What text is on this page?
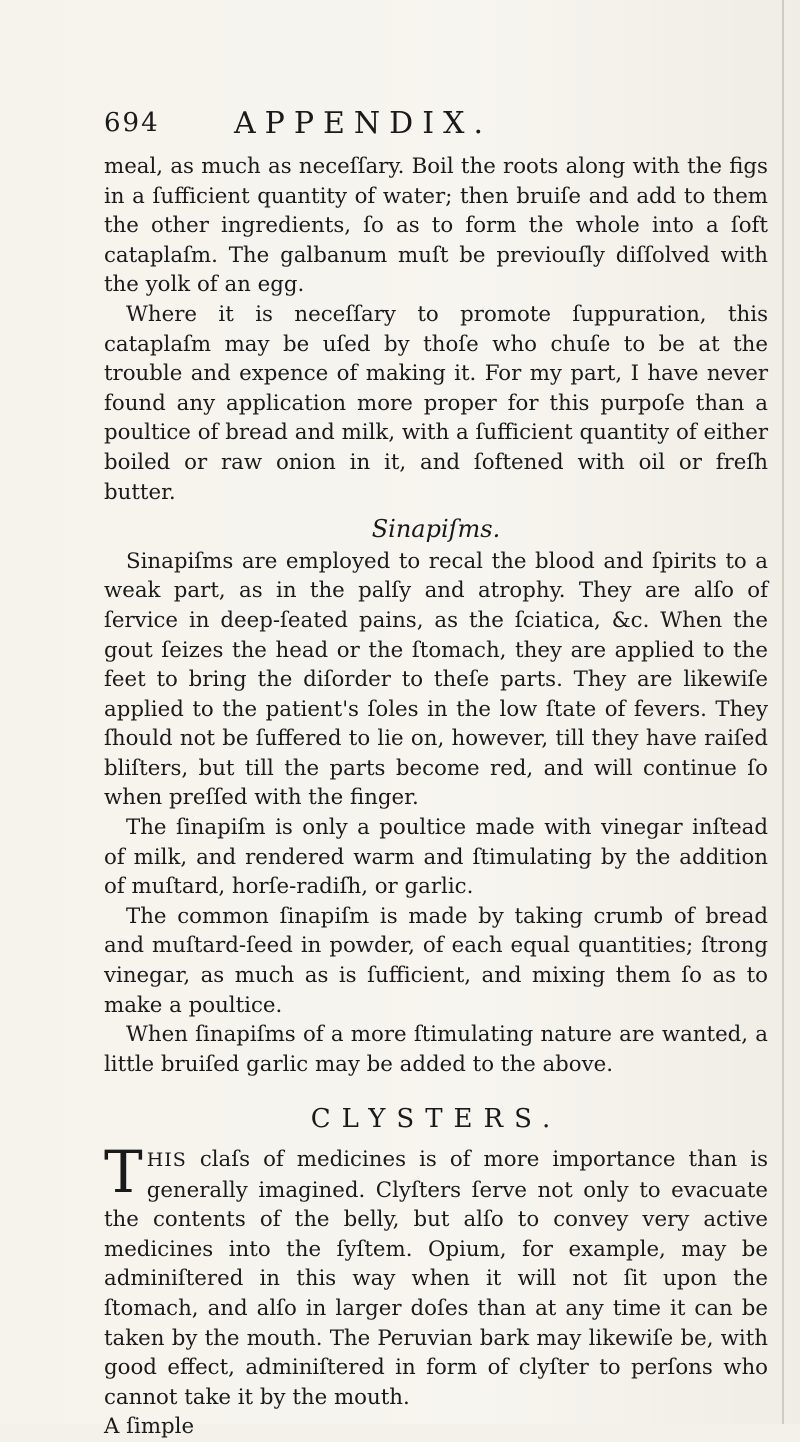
694 APPENDIX.

meal, as much as neceſſary. Boil the roots along with the figs in a ſufficient quantity of water; then bruiſe and add to them the other ingredients, ſo as to form the whole into a ſoft cataplaſm. The galbanum muſt be previouſly diſſolved with the yolk of an egg.

Where it is neceſſary to promote ſuppuration, this cataplaſm may be uſed by thoſe who chuſe to be at the trouble and expence of making it. For my part, I have never found any application more proper for this purpoſe than a poultice of bread and milk, with a ſufficient quantity of either boiled or raw onion in it, and ſoftened with oil or freſh butter.

Sinapiſms.

Sinapiſms are employed to recal the blood and ſpirits to a weak part, as in the palſy and atrophy. They are alſo of ſervice in deep-ſeated pains, as the ſciatica, &c. When the gout ſeizes the head or the ſtomach, they are applied to the feet to bring the diſorder to theſe parts. They are likewiſe applied to the patient's ſoles in the low ſtate of fevers. They ſhould not be ſuffered to lie on, however, till they have raiſed bliſters, but till the parts become red, and will continue ſo when preſſed with the finger.

The ſinapiſm is only a poultice made with vinegar inſtead of milk, and rendered warm and ſtimulating by the addition of muſtard, horſe-radiſh, or garlic.

The common ſinapiſm is made by taking crumb of bread and muſtard-ſeed in powder, of each equal quantities; ſtrong vinegar, as much as is ſufficient, and mixing them ſo as to make a poultice.

When ſinapiſms of a more ſtimulating nature are wanted, a little bruiſed garlic may be added to the above.

CLYSTERS.

THIS claſs of medicines is of more importance than is generally imagined. Clyſters ſerve not only to evacuate the contents of the belly, but alſo to convey very active medicines into the ſyſtem. Opium, for example, may be adminiſtered in this way when it will not ſit upon the ſtomach, and alſo in larger doſes than at any time it can be taken by the mouth. The Peruvian bark may likewiſe be, with good effect, adminiſtered in form of clyſter to perſons who cannot take it by the mouth.

A ſimple
